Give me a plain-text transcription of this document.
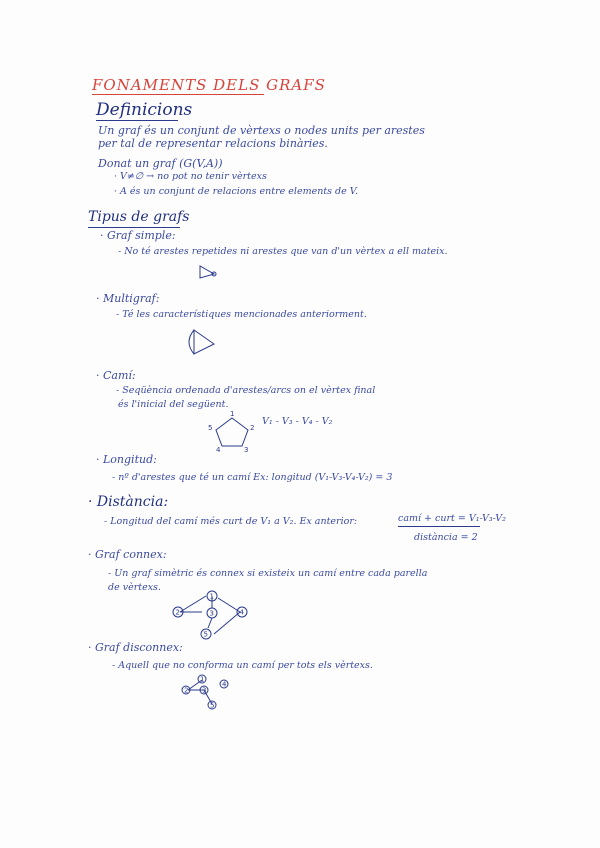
FONAMENTS DELS GRAFS
Definicions
Un graf és un conjunt de vèrtexs o nodes units per arestes
per tal de representar relacions binàries.
Donat un graf (G(V,A))
· V≠∅ → no pot no tenir vèrtexs
· A és un conjunt de relacions entre elements de V.
Tipus de grafs
· Graf simple:
- No té arestes repetides ni arestes que van d'un vèrtex a ell mateix.
· Multigraf:
- Té les característiques mencionades anteriorment.
· Camí:
- Seqüència ordenada d'arestes/arcs on el vèrtex final
és l'inicial del següent.
1
2
3
4
5
V₁ - V₃ - V₄ - V₂
· Longitud:
- nº d'arestes que té un camí Ex: longitud (V₁-V₃-V₄-V₂) = 3
· Distància:
- Longitud del camí més curt de V₁ a V₂. Ex anterior:	camí + curt = V₁-V₃-V₂
distància = 2
· Graf connex:
- Un graf simètric és connex si existeix un camí entre cada parella
de vèrtexs.
1
2	3	4
5
· Graf disconnex:
- Aquell que no conforma un camí per tots els vèrtexs.
1
2 3
4
5
